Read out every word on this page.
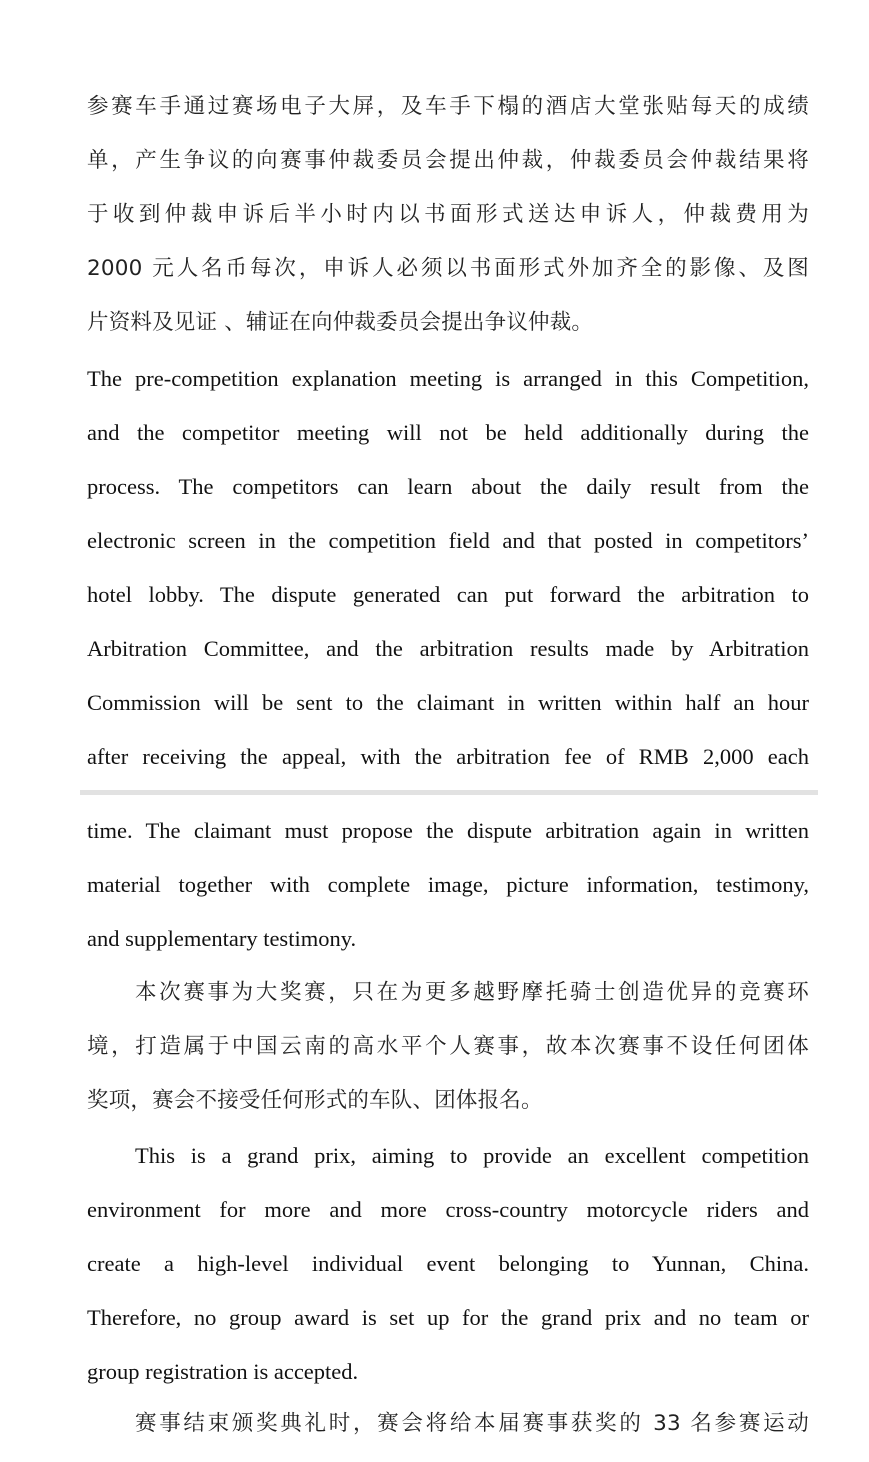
参赛车手通过赛场电子大屏，及车手下榻的酒店大堂张贴每天的成绩
单，产生争议的向赛事仲裁委员会提出仲裁，仲裁委员会仲裁结果将
于收到仲裁申诉后半小时内以书面形式送达申诉人，仲裁费用为
2000 元人名币每次，申诉人必须以书面形式外加齐全的影像、及图
片资料及见证 、辅证在向仲裁委员会提出争议仲裁。
The pre-competition explanation meeting is arranged in this Competition,
and the competitor meeting will not be held additionally during the
process. The competitors can learn about the daily result from the
electronic screen in the competition field and that posted in competitors’
hotel lobby. The dispute generated can put forward the arbitration to
Arbitration Committee, and the arbitration results made by Arbitration
Commission will be sent to the claimant in written within half an hour
after receiving the appeal, with the arbitration fee of RMB 2,000 each
time. The claimant must propose the dispute arbitration again in written
material together with complete image, picture information, testimony,
and supplementary testimony.
本次赛事为大奖赛，只在为更多越野摩托骑士创造优异的竞赛环
境，打造属于中国云南的高水平个人赛事，故本次赛事不设任何团体
奖项，赛会不接受任何形式的车队、团体报名。
This is a grand prix, aiming to provide an excellent competition
environment for more and more cross-country motorcycle riders and
create a high-level individual event belonging to Yunnan, China.
Therefore, no group award is set up for the grand prix and no team or
group registration is accepted.
赛事结束颁奖典礼时，赛会将给本届赛事获奖的 33 名参赛运动
